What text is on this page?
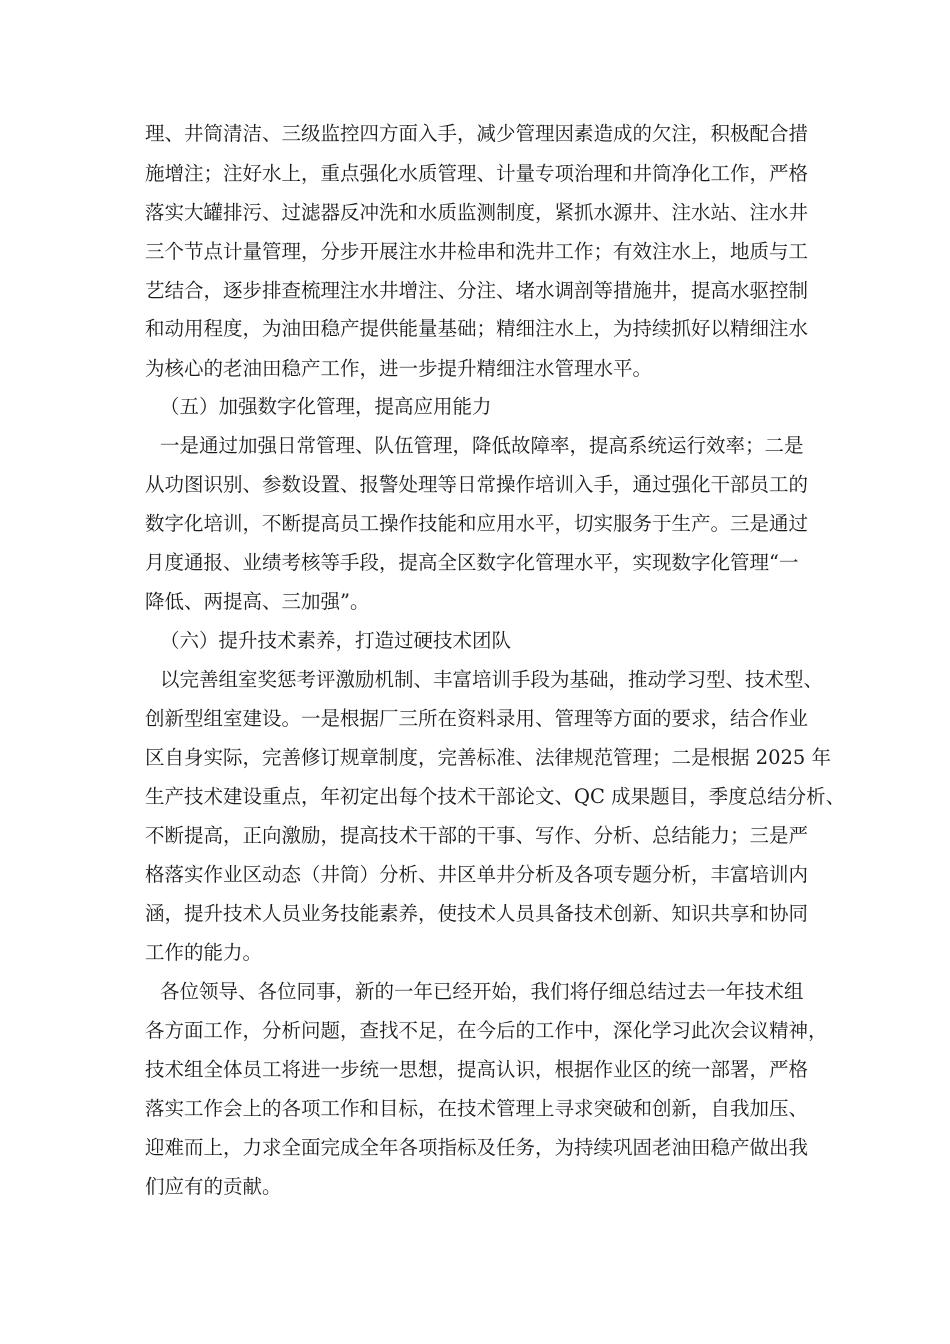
理、井筒清洁、三级监控四方面入手，减少管理因素造成的欠注，积极配合措

施增注；注好水上，重点强化水质管理、计量专项治理和井筒净化工作，严格

落实大罐排污、过滤器反冲洗和水质监测制度，紧抓水源井、注水站、注水井

三个节点计量管理，分步开展注水井检串和洗井工作；有效注水上，地质与工

艺结合，逐步排查梳理注水井增注、分注、堵水调剖等措施井，提高水驱控制

和动用程度，为油田稳产提供能量基础；精细注水上，为持续抓好以精细注水

为核心的老油田稳产工作，进一步提升精细注水管理水平。

（五）加强数字化管理，提高应用能力

一是通过加强日常管理、队伍管理，降低故障率，提高系统运行效率；二是

从功图识别、参数设置、报警处理等日常操作培训入手，通过强化干部员工的

数字化培训，不断提高员工操作技能和应用水平，切实服务于生产。三是通过

月度通报、业绩考核等手段，提高全区数字化管理水平，实现数字化管理“一

降低、两提高、三加强”。

（六）提升技术素养，打造过硬技术团队

以完善组室奖惩考评激励机制、丰富培训手段为基础，推动学习型、技术型、

创新型组室建设。一是根据厂三所在资料录用、管理等方面的要求，结合作业

区自身实际，完善修订规章制度，完善标准、法律规范管理；二是根据 2025 年

生产技术建设重点，年初定出每个技术干部论文、QC 成果题目，季度总结分析、

不断提高，正向激励，提高技术干部的干事、写作、分析、总结能力；三是严

格落实作业区动态（井筒）分析、井区单井分析及各项专题分析，丰富培训内

涵，提升技术人员业务技能素养，使技术人员具备技术创新、知识共享和协同

工作的能力。

各位领导、各位同事，新的一年已经开始，我们将仔细总结过去一年技术组

各方面工作，分析问题，查找不足，在今后的工作中，深化学习此次会议精神，

技术组全体员工将进一步统一思想，提高认识，根据作业区的统一部署，严格

落实工作会上的各项工作和目标，在技术管理上寻求突破和创新，自我加压、

迎难而上，力求全面完成全年各项指标及任务，为持续巩固老油田稳产做出我

们应有的贡献。
